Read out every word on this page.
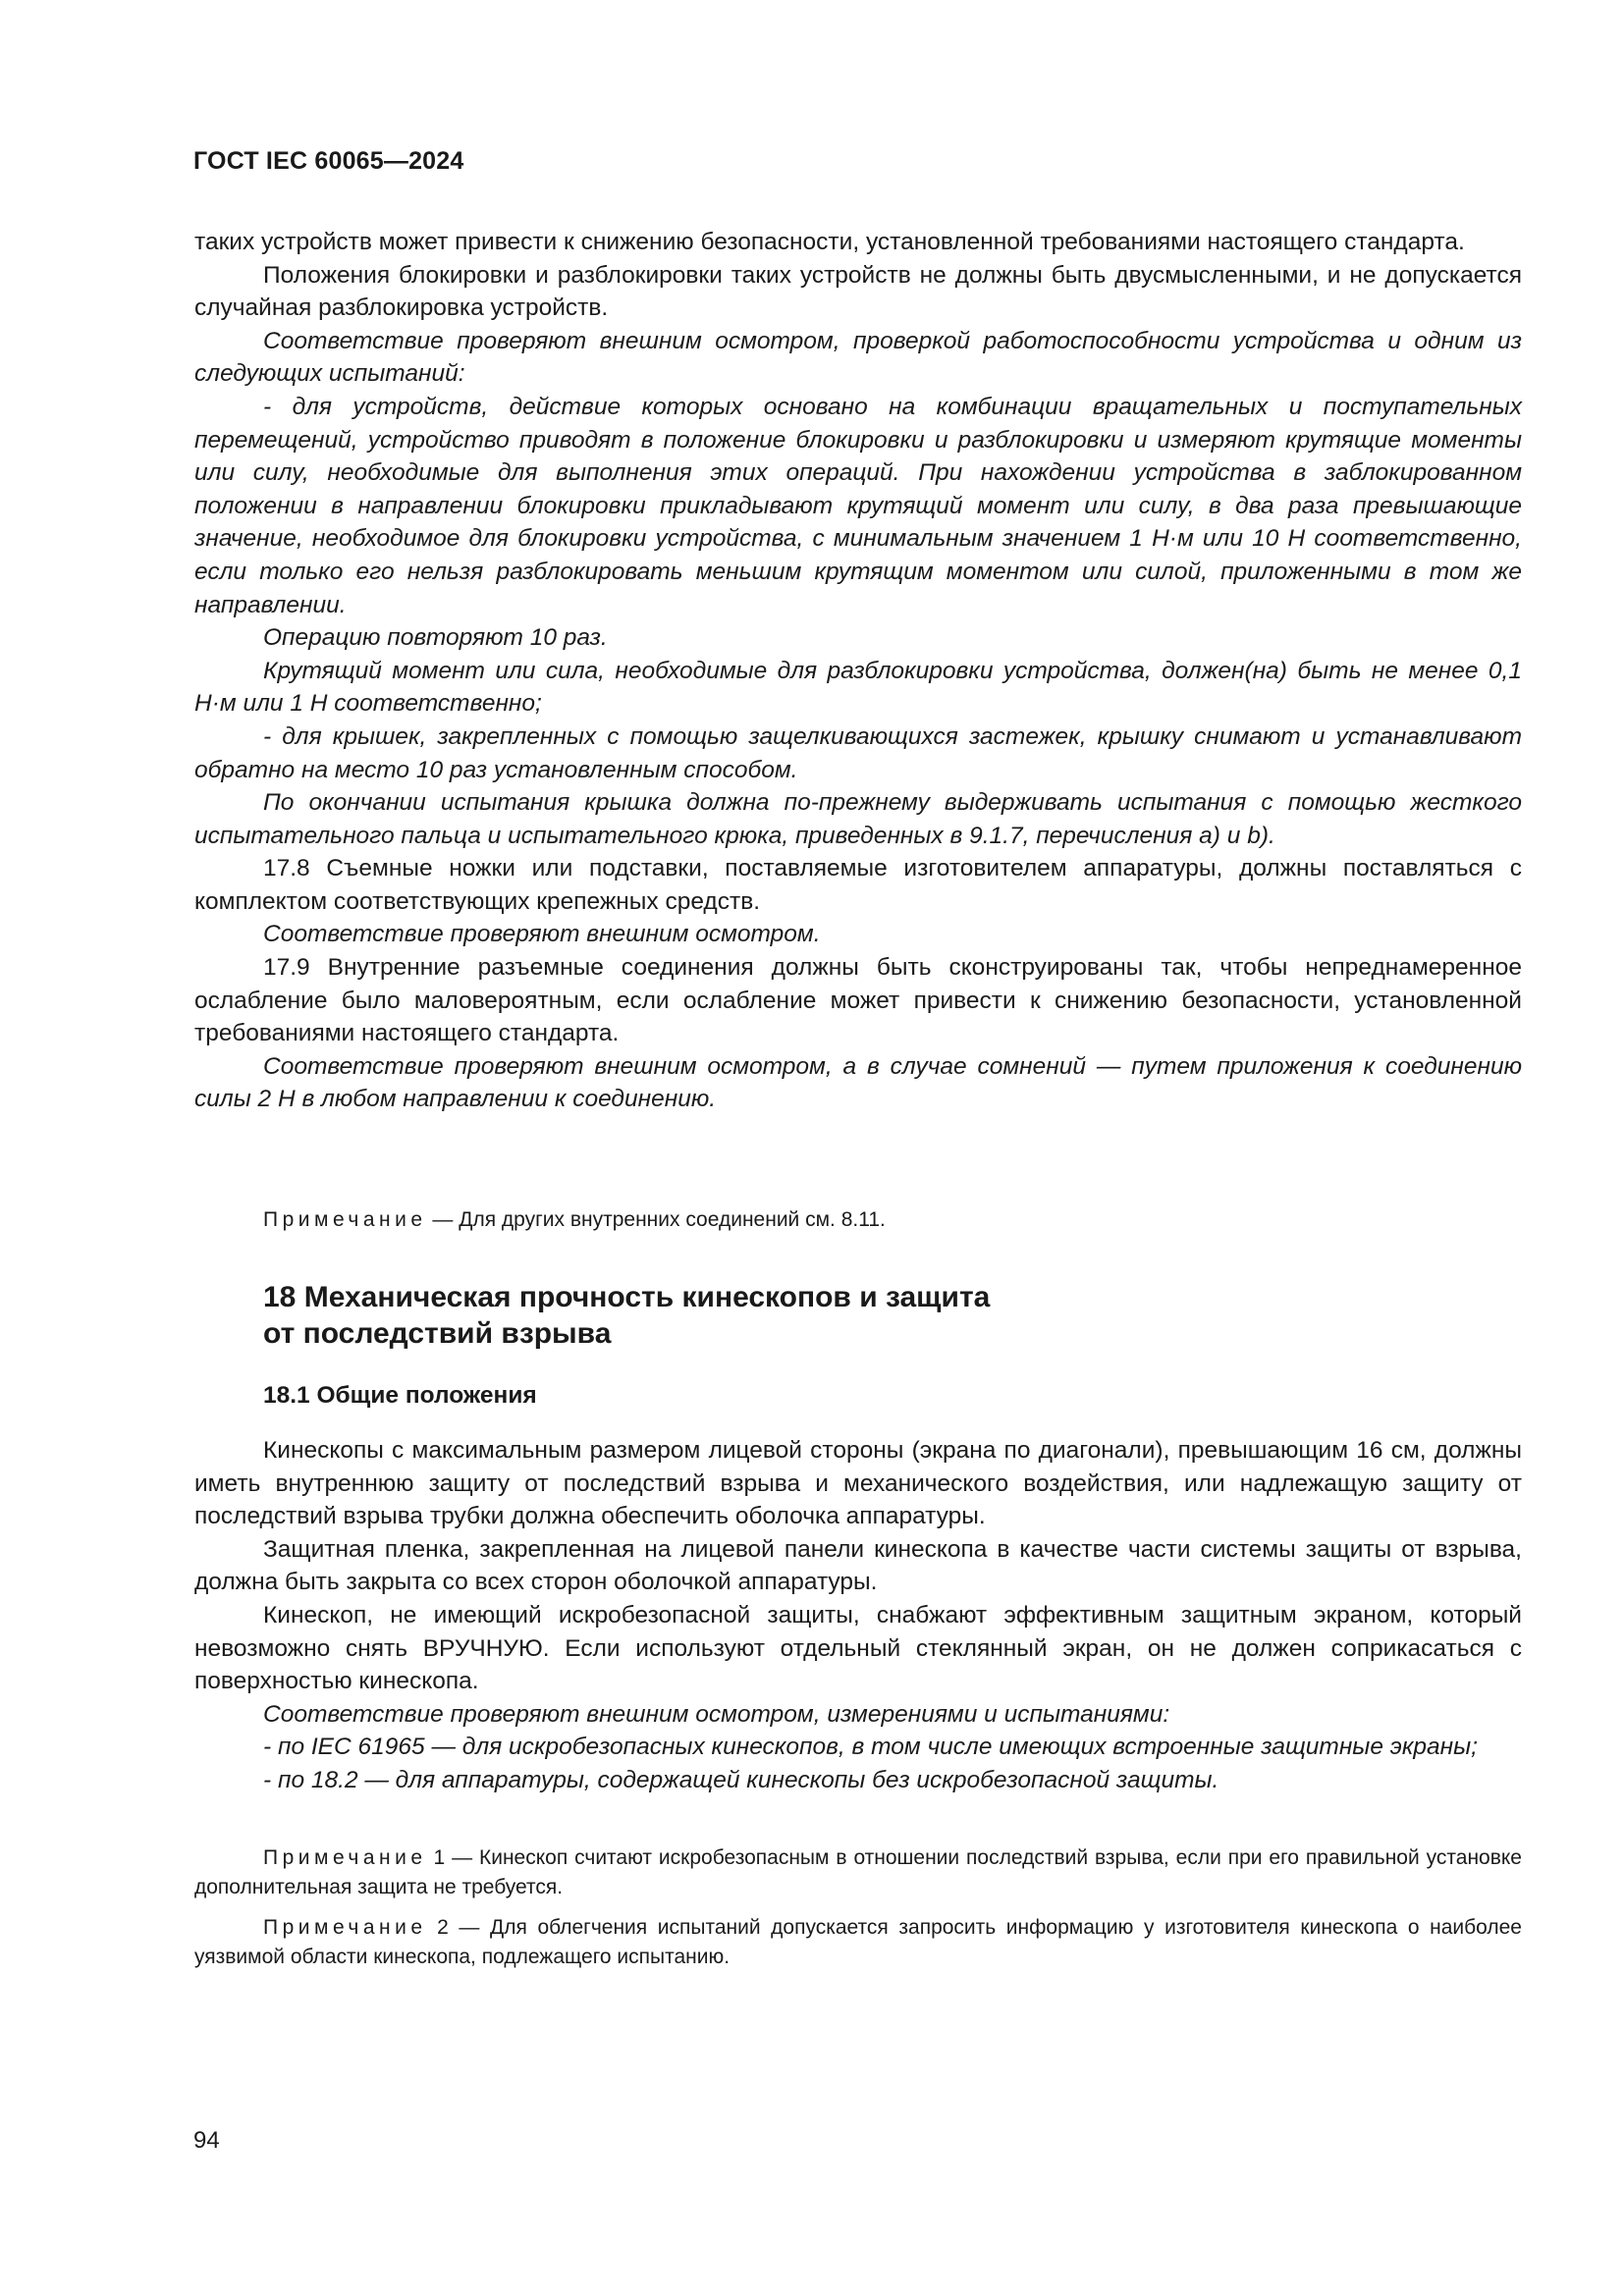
ГОСТ IEC 60065—2024

таких устройств может привести к снижению безопасности, установленной требованиями настоящего стандарта.

Положения блокировки и разблокировки таких устройств не должны быть двусмысленными, и не допускается случайная разблокировка устройств.

Соответствие проверяют внешним осмотром, проверкой работоспособности устройства и одним из следующих испытаний:

- для устройств, действие которых основано на комбинации вращательных и поступательных перемещений, устройство приводят в положение блокировки и разблокировки и измеряют крутящие моменты или силу, необходимые для выполнения этих операций. При нахождении устройства в заблокированном положении в направлении блокировки прикладывают крутящий момент или силу, в два раза превышающие значение, необходимое для блокировки устройства, с минимальным значением 1 Н·м или 10 Н соответственно, если только его нельзя разблокировать меньшим крутящим моментом или силой, приложенными в том же направлении.

Операцию повторяют 10 раз.

Крутящий момент или сила, необходимые для разблокировки устройства, должен(на) быть не менее 0,1 Н·м или 1 Н соответственно;

- для крышек, закрепленных с помощью защелкивающихся застежек, крышку снимают и устанавливают обратно на место 10 раз установленным способом.

По окончании испытания крышка должна по-прежнему выдерживать испытания с помощью жесткого испытательного пальца и испытательного крюка, приведенных в 9.1.7, перечисления a) и b).

17.8 Съемные ножки или подставки, поставляемые изготовителем аппаратуры, должны поставляться с комплектом соответствующих крепежных средств.

Соответствие проверяют внешним осмотром.

17.9 Внутренние разъемные соединения должны быть сконструированы так, чтобы непреднамеренное ослабление было маловероятным, если ослабление может привести к снижению безопасности, установленной требованиями настоящего стандарта.

Соответствие проверяют внешним осмотром, а в случае сомнений — путем приложения к соединению силы 2 Н в любом направлении к соединению.

Примечание — Для других внутренних соединений см. 8.11.

18 Механическая прочность кинескопов и защита
от последствий взрыва
18.1 Общие положения

Кинескопы с максимальным размером лицевой стороны (экрана по диагонали), превышающим 16 см, должны иметь внутреннюю защиту от последствий взрыва и механического воздействия, или надлежащую защиту от последствий взрыва трубки должна обеспечить оболочка аппаратуры.

Защитная пленка, закрепленная на лицевой панели кинескопа в качестве части системы защиты от взрыва, должна быть закрыта со всех сторон оболочкой аппаратуры.

Кинескоп, не имеющий искробезопасной защиты, снабжают эффективным защитным экраном, который невозможно снять ВРУЧНУЮ. Если используют отдельный стеклянный экран, он не должен соприкасаться с поверхностью кинескопа.

Соответствие проверяют внешним осмотром, измерениями и испытаниями:

- по IEC 61965 — для искробезопасных кинескопов, в том числе имеющих встроенные защитные экраны;

- по 18.2 — для аппаратуры, содержащей кинескопы без искробезопасной защиты.

Примечание 1 — Кинескоп считают искробезопасным в отношении последствий взрыва, если при его правильной установке дополнительная защита не требуется.

Примечание 2 — Для облегчения испытаний допускается запросить информацию у изготовителя кинескопа о наиболее уязвимой области кинескопа, подлежащего испытанию.

94
